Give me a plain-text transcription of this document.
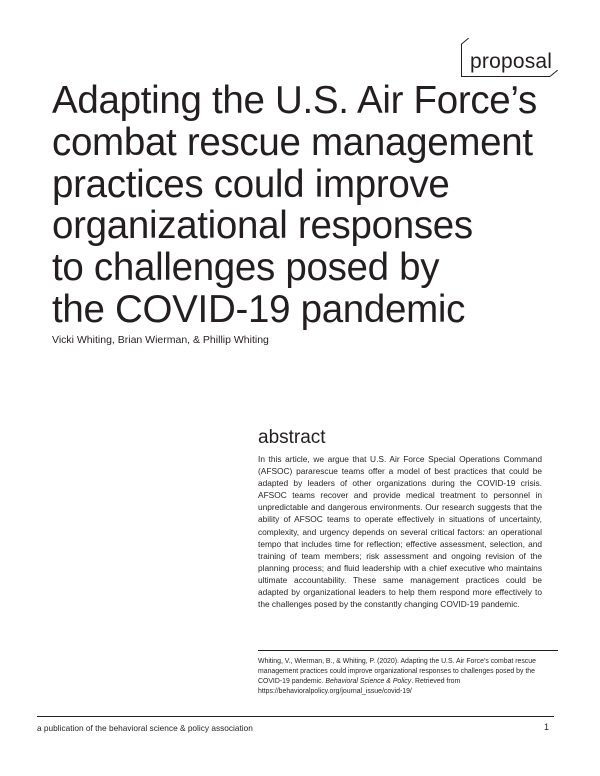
proposal
Adapting the U.S. Air Force’s
combat rescue management
practices could improve
organizational responses
to challenges posed by
the COVID-19 pandemic
Vicki Whiting, Brian Wierman, & Phillip Whiting
abstract

In this article, we argue that U.S. Air Force Special Operations Command (AFSOC) pararescue teams offer a model of best practices that could be adapted by leaders of other organizations during the COVID-19 crisis. AFSOC teams recover and provide medical treatment to personnel in unpredictable and dangerous environments. Our research suggests that the ability of AFSOC teams to operate effectively in situations of uncertainty, complexity, and urgency depends on several critical factors: an operational tempo that includes time for reflection; effective assessment, selection, and training of team members; risk assessment and ongoing revision of the planning process; and fluid leadership with a chief executive who maintains ultimate accountability. These same management practices could be adapted by organizational leaders to help them respond more effectively to the challenges posed by the constantly changing COVID-19 pandemic.

Whiting, V., Wierman, B., & Whiting, P. (2020). Adapting the U.S. Air Force’s combat rescue management practices could improve organizational responses to challenges posed by the COVID-19 pandemic. Behavioral Science & Policy. Retrieved from https://behavioralpolicy.org/journal_issue/covid-19/

a publication of the behavioral science & policy association	1
